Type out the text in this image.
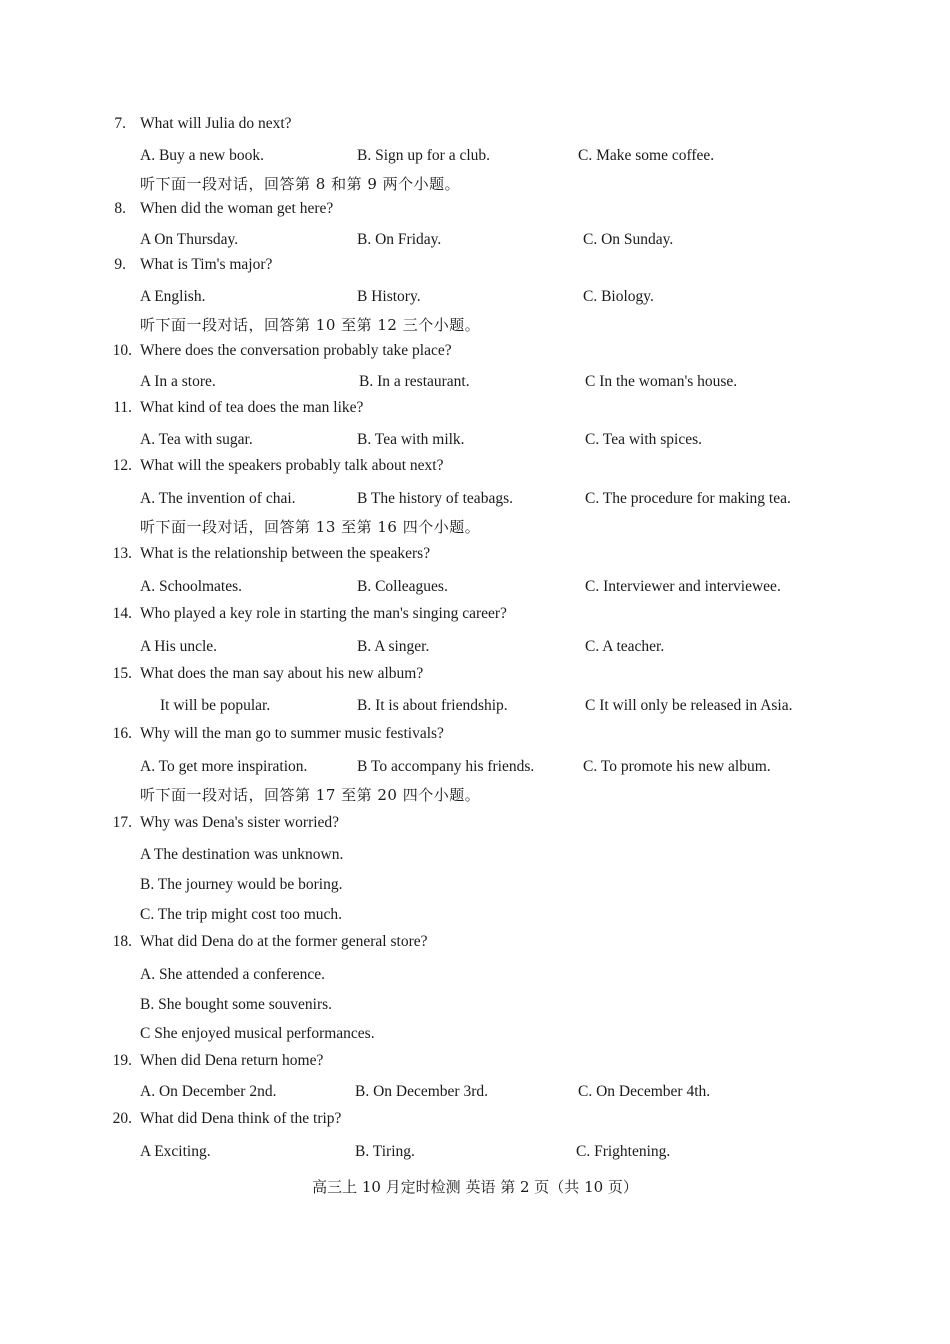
7. What will Julia do next?
A. Buy a new book.	B. Sign up for a club.	C. Make some coffee.
听下面一段对话，回答第 8 和第 9 两个小题。
8. When did the woman get here?
A On Thursday.	B. On Friday.	C. On Sunday.
9. What is Tim's major?
A English.	B History.	C. Biology.
听下面一段对话，回答第 10 至第 12 三个小题。
10. Where does the conversation probably take place?
A In a store.	B. In a restaurant.	C In the woman's house.
11. What kind of tea does the man like?
A. Tea with sugar.	B. Tea with milk.	C. Tea with spices.
12. What will the speakers probably talk about next?
A. The invention of chai.	B The history of teabags.	C. The procedure for making tea.
听下面一段对话，回答第 13 至第 16 四个小题。
13. What is the relationship between the speakers?
A. Schoolmates.	B. Colleagues.	C. Interviewer and interviewee.
14. Who played a key role in starting the man's singing career?
A His uncle.	B. A singer.	C. A teacher.
15. What does the man say about his new album?
It will be popular.	B. It is about friendship.	C It will only be released in Asia.
16. Why will the man go to summer music festivals?
A. To get more inspiration.	B To accompany his friends.	C. To promote his new album.
听下面一段对话，回答第 17 至第 20 四个小题。
17. Why was Dena's sister worried?
A The destination was unknown.
B. The journey would be boring.
C. The trip might cost too much.
18. What did Dena do at the former general store?
A. She attended a conference.
B. She bought some souvenirs.
C She enjoyed musical performances.
19. When did Dena return home?
A. On December 2nd.	B. On December 3rd.	C. On December 4th.
20. What did Dena think of the trip?
A Exciting.	B. Tiring.	C. Frightening.
高三上 10 月定时检测 英语 第 2 页（共 10 页）
